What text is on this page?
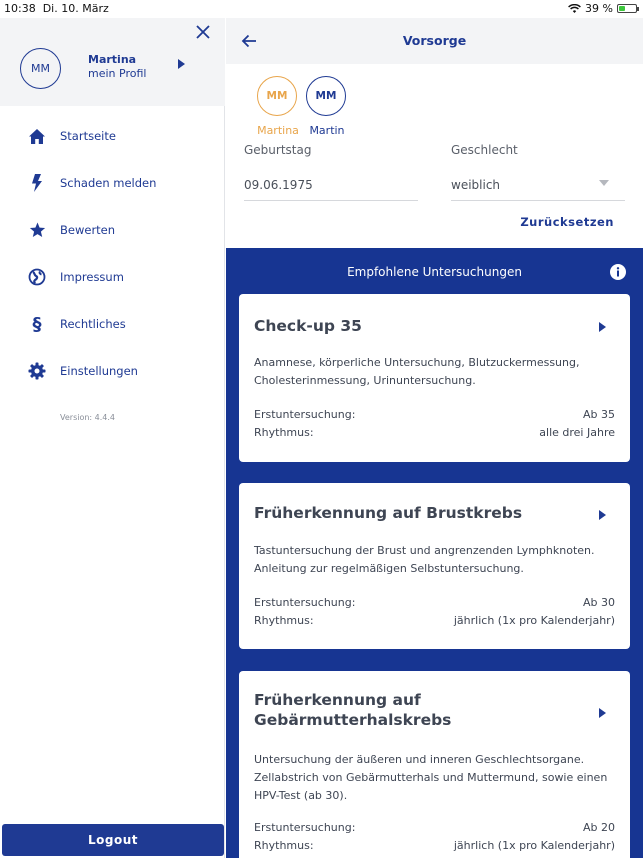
10:38 Di. 10. März	39 %
MM
Martina
mein Profil
Startseite
Schaden melden
Bewerten
Impressum
§	Rechtliches
Einstellungen
Version: 4.4.4
Logout
Vorsorge
MM
Martina
MM
Martin
Geburtstag
09.06.1975
Geschlecht
weiblich
Zurücksetzen
Empfohlene Untersuchungen
Check-up 35
Anamnese, körperliche Untersuchung, Blutzuckermessung, Cholesterinmessung, Urinuntersuchung.
Erstuntersuchung:	Ab 35
Rhythmus:	alle drei Jahre
Früherkennung auf Brustkrebs
Tastuntersuchung der Brust und angrenzenden Lymphknoten. Anleitung zur regelmäßigen Selbstuntersuchung.
Erstuntersuchung:	Ab 30
Rhythmus:	jährlich (1x pro Kalenderjahr)
Früherkennung auf Gebärmutterhalskrebs
Untersuchung der äußeren und inneren Geschlechtsorgane. Zellabstrich von Gebärmutterhals und Muttermund, sowie einen HPV-Test (ab 30).
Erstuntersuchung:	Ab 20
Rhythmus:	jährlich (1x pro Kalenderjahr)
